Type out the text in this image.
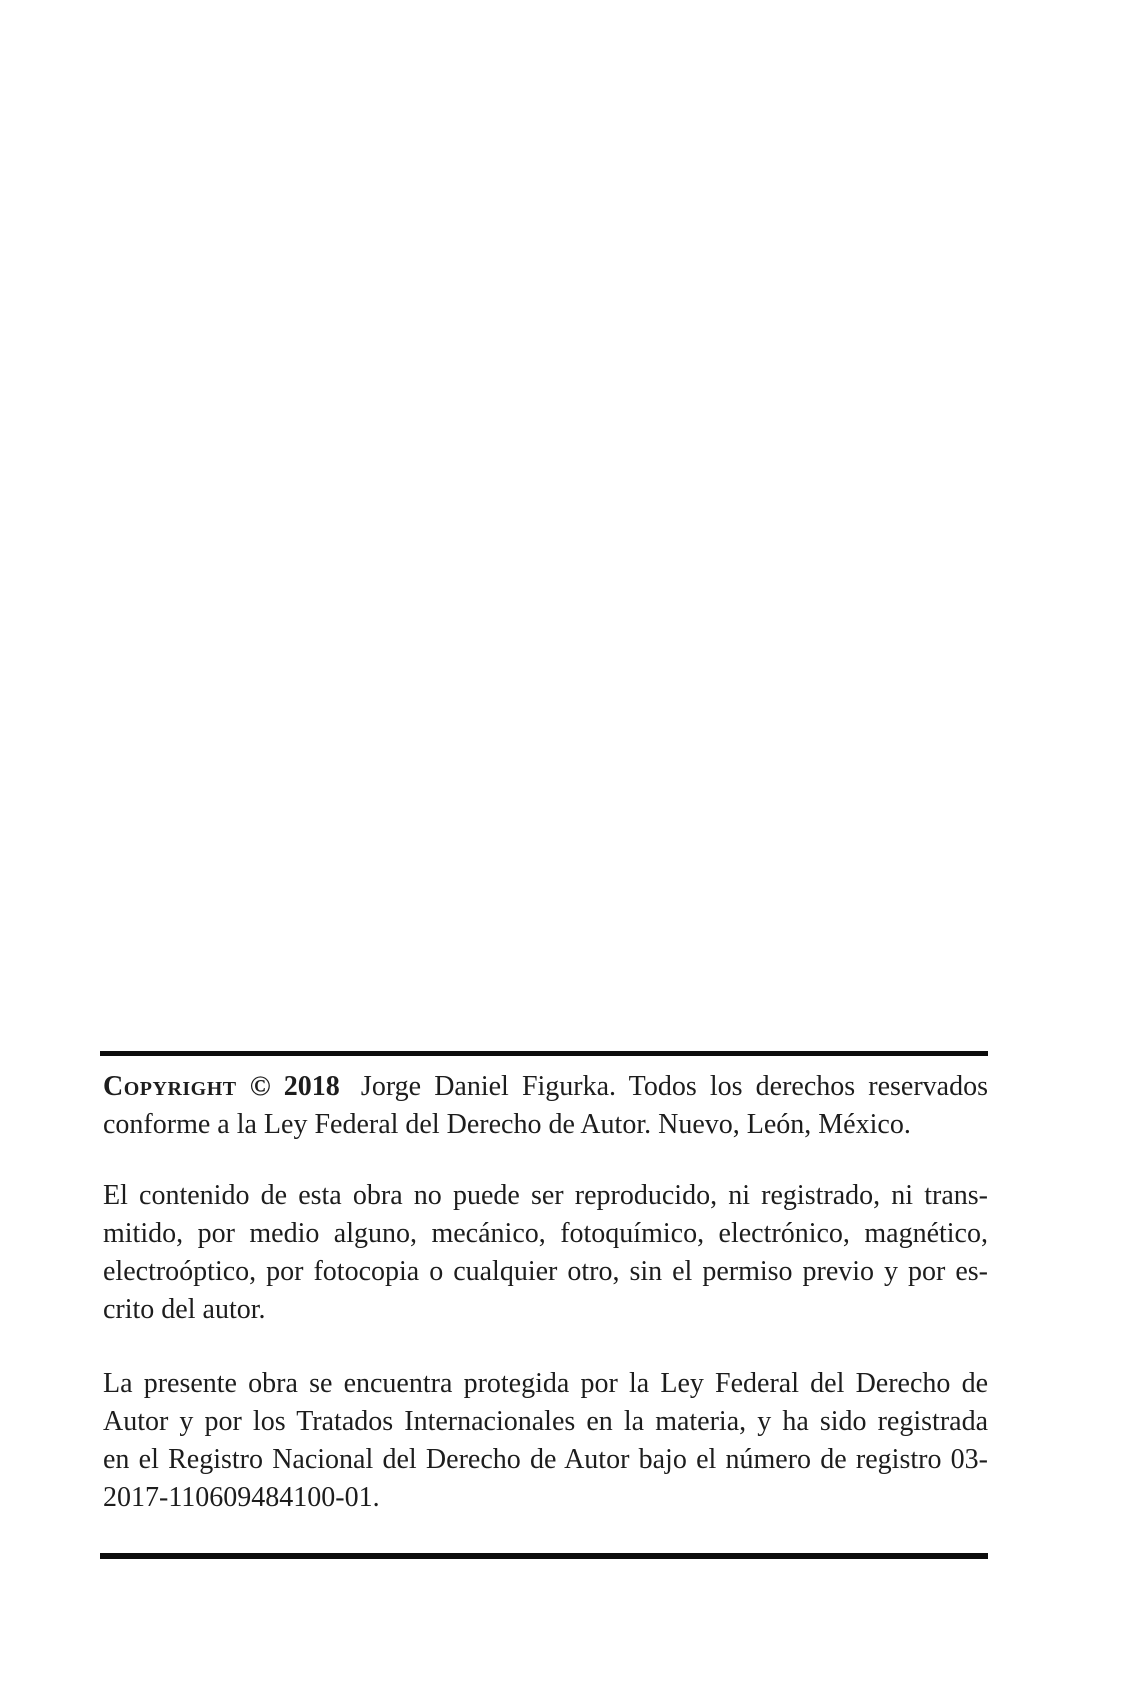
Copyright © 2018 Jorge Daniel Figurka. Todos los derechos reservados
conforme a la Ley Federal del Derecho de Autor. Nuevo, León, México.
El contenido de esta obra no puede ser reproducido, ni registrado, ni trans-
mitido, por medio alguno, mecánico, fotoquímico, electrónico, magnético,
electroóptico, por fotocopia o cualquier otro, sin el permiso previo y por es-
crito del autor.
La presente obra se encuentra protegida por la Ley Federal del Derecho de
Autor y por los Tratados Internacionales en la materia, y ha sido registrada
en el Registro Nacional del Derecho de Autor bajo el número de registro 03-
2017-110609484100-01.
